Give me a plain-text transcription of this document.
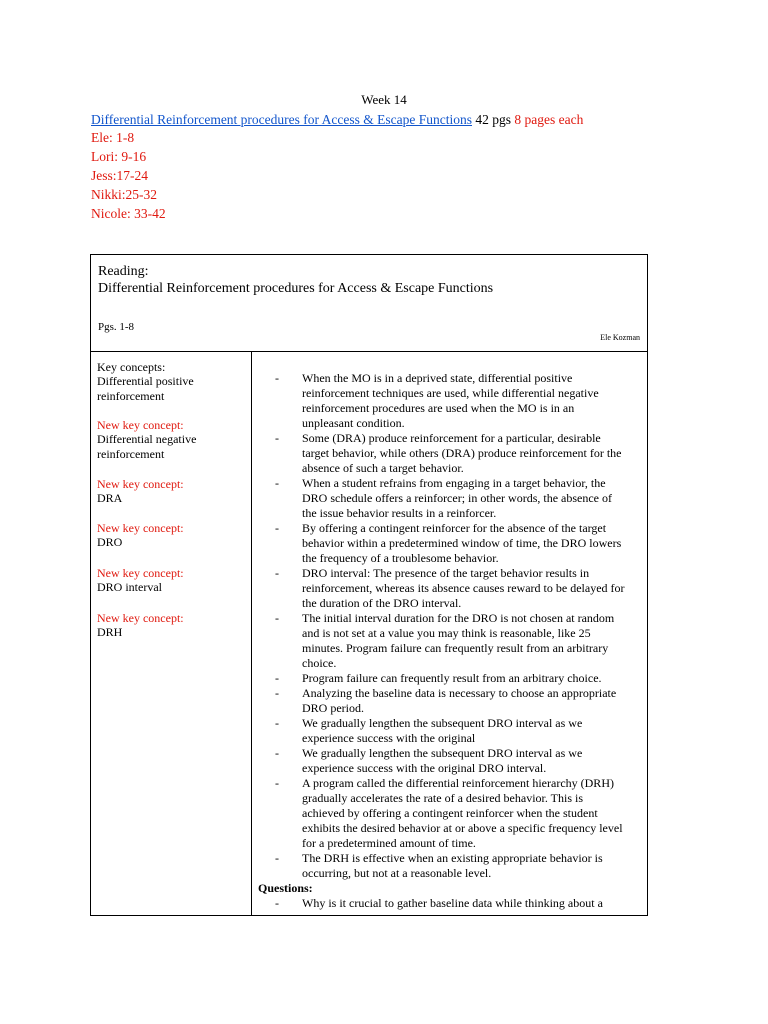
Week 14
Differential Reinforcement procedures for Access & Escape Functions 42 pgs 8 pages each
Ele: 1-8
Lori: 9-16
Jess:17-24
Nikki:25-32
Nicole: 33-42
Reading:
Differential Reinforcement procedures for Access & Escape Functions
Pgs. 1-8
Ele Kozman
Key concepts:
Differential positive
reinforcement
New key concept:
Differential negative
reinforcement
New key concept:
DRA
New key concept:
DRO
New key concept:
DRO interval
New key concept:
DRH
-	When the MO is in a deprived state, differential positive
reinforcement techniques are used, while differential negative
reinforcement procedures are used when the MO is in an
unpleasant condition.
-	Some (DRA) produce reinforcement for a particular, desirable
target behavior, while others (DRA) produce reinforcement for the
absence of such a target behavior.
-	When a student refrains from engaging in a target behavior, the
DRO schedule offers a reinforcer; in other words, the absence of
the issue behavior results in a reinforcer.
-	By offering a contingent reinforcer for the absence of the target
behavior within a predetermined window of time, the DRO lowers
the frequency of a troublesome behavior.
-	DRO interval: The presence of the target behavior results in
reinforcement, whereas its absence causes reward to be delayed for
the duration of the DRO interval.
-	The initial interval duration for the DRO is not chosen at random
and is not set at a value you may think is reasonable, like 25
minutes. Program failure can frequently result from an arbitrary
choice.
-	Program failure can frequently result from an arbitrary choice.
-	Analyzing the baseline data is necessary to choose an appropriate
DRO period.
-	We gradually lengthen the subsequent DRO interval as we
experience success with the original
-	We gradually lengthen the subsequent DRO interval as we
experience success with the original DRO interval.
-	A program called the differential reinforcement hierarchy (DRH)
gradually accelerates the rate of a desired behavior. This is
achieved by offering a contingent reinforcer when the student
exhibits the desired behavior at or above a specific frequency level
for a predetermined amount of time.
-	The DRH is effective when an existing appropriate behavior is
occurring, but not at a reasonable level.
Questions:
-	Why is it crucial to gather baseline data while thinking about a
